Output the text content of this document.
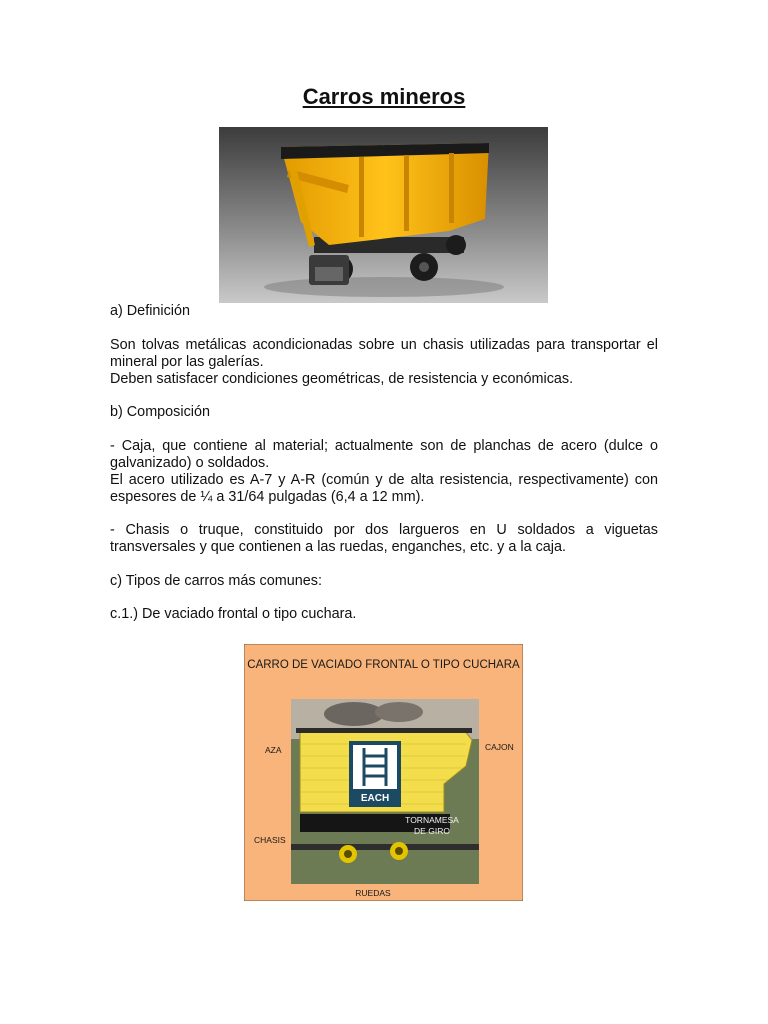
Carros mineros

a) Definición

Son tolvas metálicas acondicionadas sobre un chasis utilizadas para transportar el mineral por las galerías.

Deben satisfacer condiciones geométricas, de resistencia y económicas.

b) Composición

- Caja, que contiene al material; actualmente son de planchas de acero (dulce o galvanizado) o soldados.

El acero utilizado es A-7 y A-R (común y de alta resistencia, respectivamente) con espesores de ¼ a 31/64 pulgadas (6,4 a 12 mm).

- Chasis o truque, constituido por dos largueros en U soldados a viguetas transversales y que contienen a las ruedas, enganches, etc. y a la caja.

c) Tipos de carros más comunes:

c.1.) De vaciado frontal o tipo cuchara.

CARRO DE VACIADO FRONTAL O TIPO CUCHARA
EACH
AZA	CAJON
CHASIS
TORNAMESA
DE GIRO
RUEDAS
